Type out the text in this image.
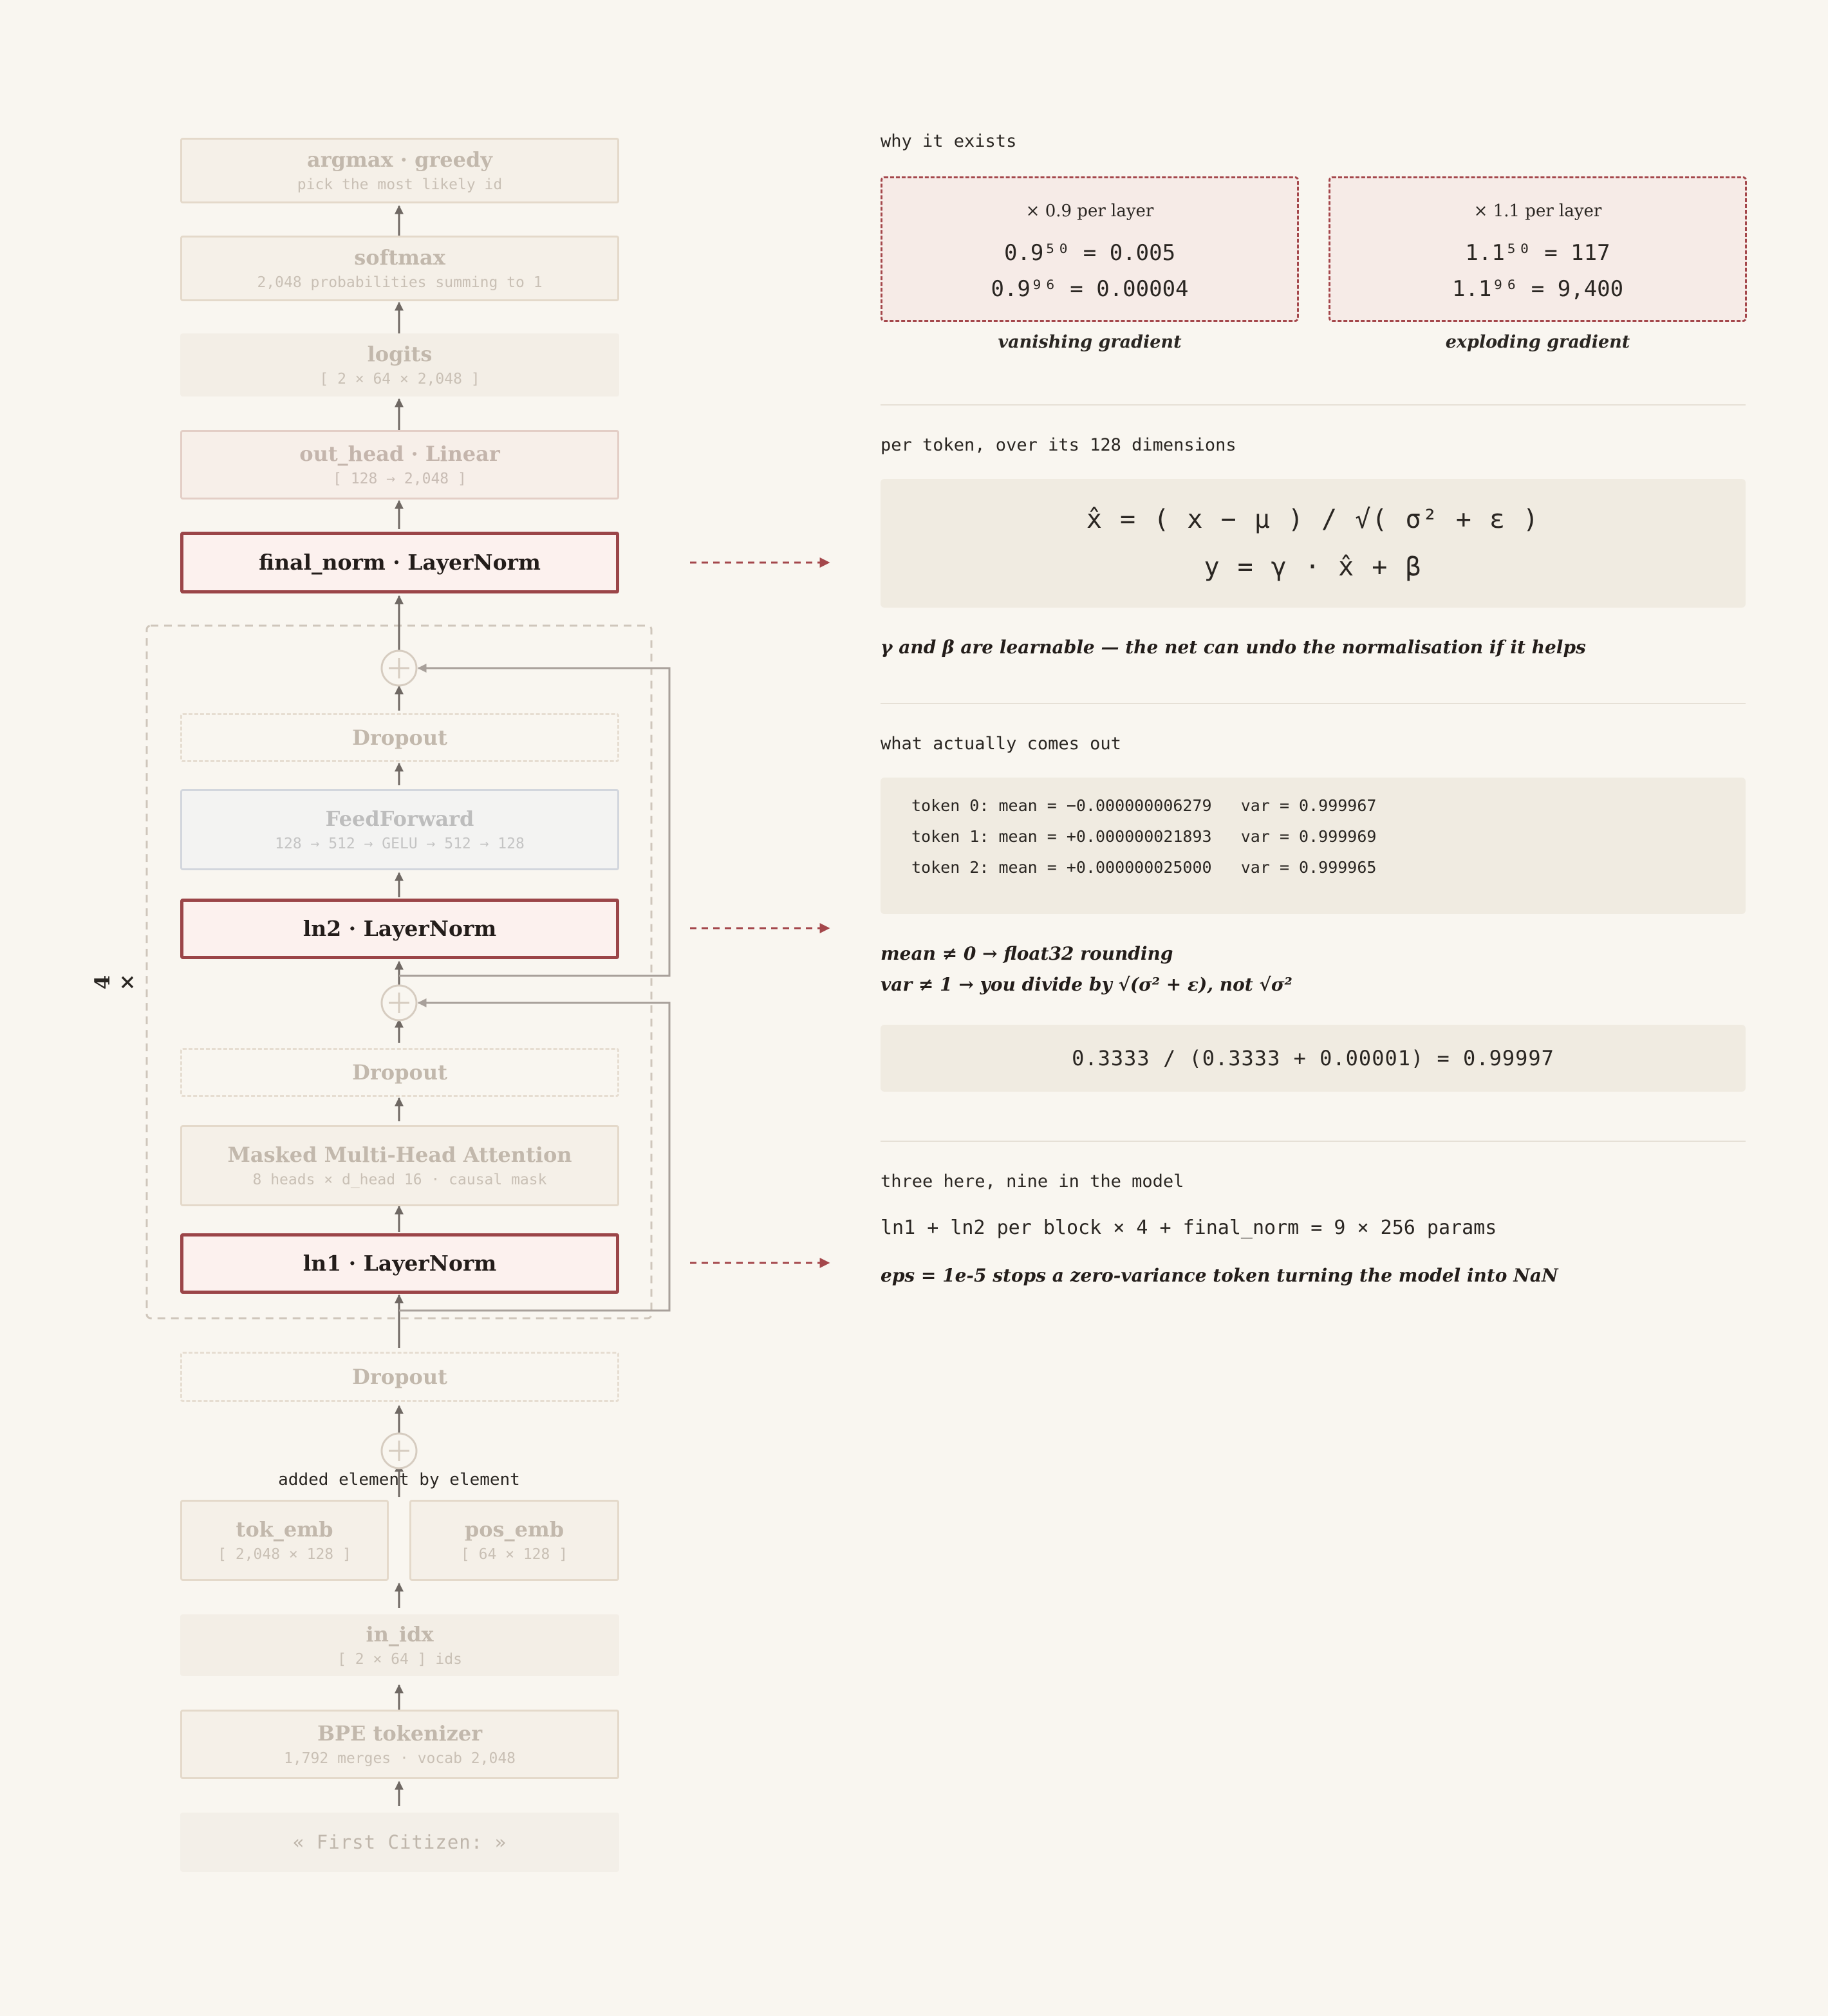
argmax · greedy
pick the most likely id
softmax
2,048 probabilities summing to 1
logits
[ 2 × 64 × 2,048 ]
out_head · Linear
[ 128 → 2,048 ]
final_norm · LayerNorm
4 ×
Dropout
FeedForward
128 → 512 → GELU → 512 → 128
ln2 · LayerNorm
Dropout
Masked Multi-Head Attention
8 heads × d_head 16 · causal mask
ln1 · LayerNorm
Dropout
added element by element
tok_emb
[ 2,048 × 128 ]
pos_emb
[ 64 × 128 ]
in_idx
[ 2 × 64 ] ids
BPE tokenizer
1,792 merges · vocab 2,048
« First Citizen: »
why it exists
× 0.9 per layer
0.9⁵⁰ = 0.005
0.9⁹⁶ = 0.00004
vanishing gradient
× 1.1 per layer
1.1⁵⁰ = 117
1.1⁹⁶ = 9,400
exploding gradient
per token, over its 128 dimensions
x̂ = ( x − μ ) / √( σ² + ε )
y = γ · x̂ + β
γ and β are learnable — the net can undo the normalisation if it helps
what actually comes out
token 0: mean = −0.000000006279   var = 0.999967
token 1: mean = +0.000000021893   var = 0.999969
token 2: mean = +0.000000025000   var = 0.999965
mean ≠ 0 → float32 rounding
var ≠ 1 → you divide by √(σ² + ε), not √σ²
0.3333 / (0.3333 + 0.00001) = 0.99997
three here, nine in the model
ln1 + ln2 per block × 4 + final_norm = 9 × 256 params
eps = 1e-5 stops a zero-variance token turning the model into NaN
